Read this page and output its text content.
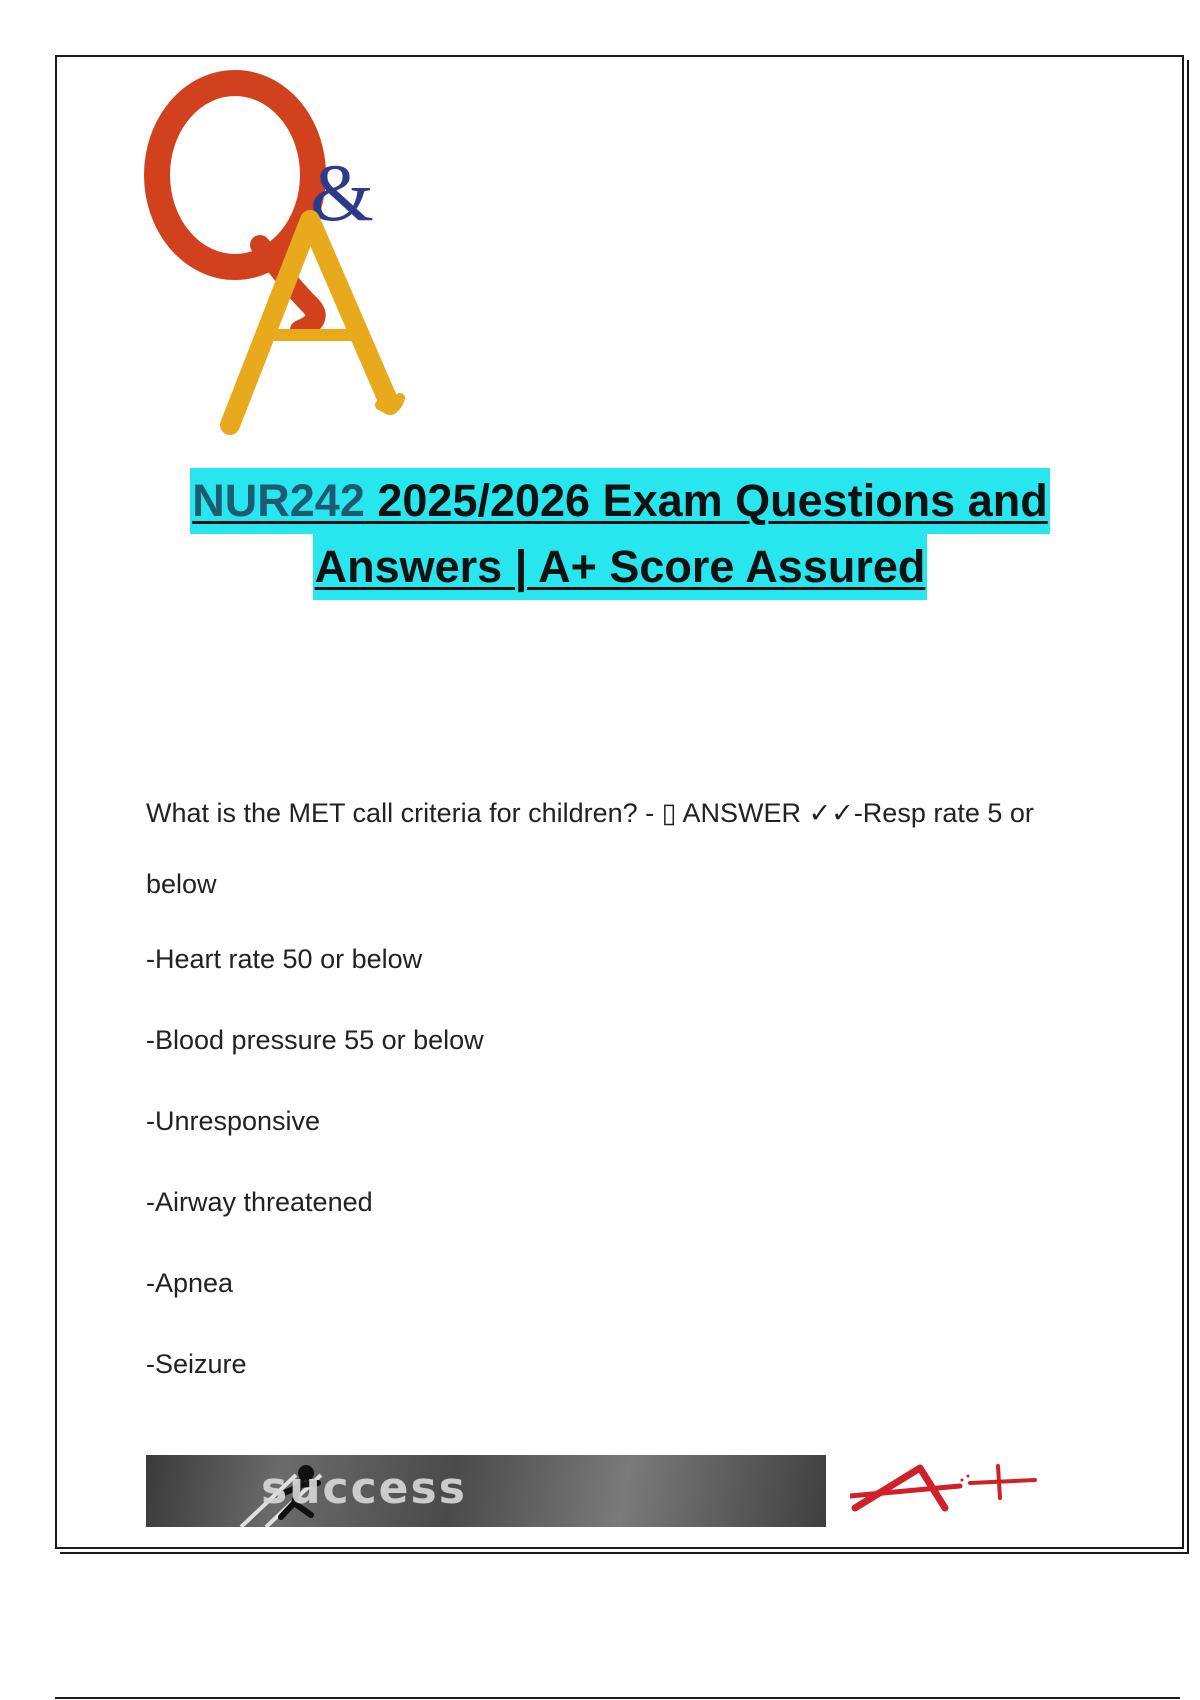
&
NUR242 2025/2026 Exam Questions and
Answers | A+ Score Assured
What is the MET call criteria for children? - ▯ ANSWER ✓✓-Resp rate 5 or below
-Heart rate 50 or below
-Blood pressure 55 or below
-Unresponsive
-Airway threatened
-Apnea
-Seizure
success
